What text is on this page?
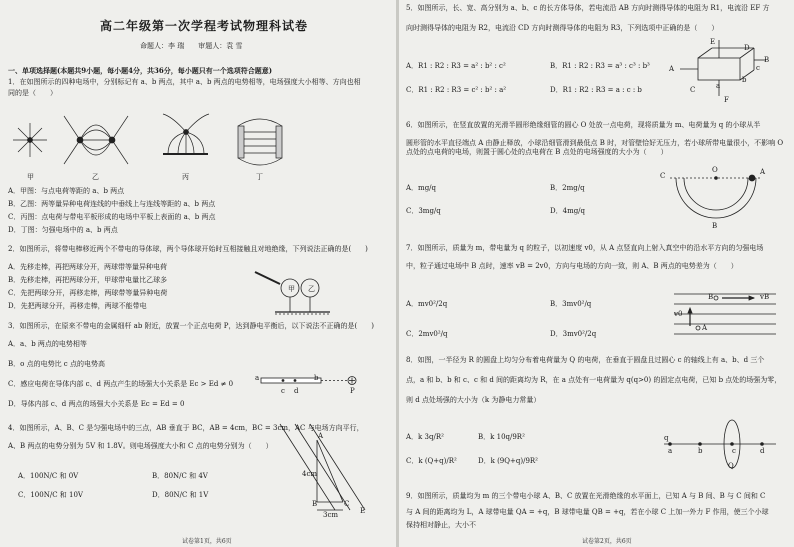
高二年级第一次学程考试物理科试卷
命题人：李 瑞　　审题人：袁 雪
一、单项选择题(本题共9小题，每小题4分，共36分，每小题只有一个选项符合题意)
1．在如图所示的四种电场中，分别标记有 a、b 两点，其中 a、b 两点的电势相等，电场强度大小相等、方向也相
同的是（　　）
甲	乙	丙	丁
A．甲图：与点电荷等距的 a、b 两点
B．乙图：两等量异种电荷连线的中垂线上与连线等距的 a、b 两点
C．丙图：点电荷与带电平板形成的电场中平板上表面的 a、b 两点
D．丁图：匀强电场中的 a、b 两点
2．如图所示，将带电棒移近两个不带电的导体球，两个导体球开始时互相接触且对地绝缘，下列说法正确的是(　　)
A．先移走棒，再把两球分开，两球带等量异种电荷
B．先移走棒，再把两球分开，甲球带电量比乙球多
C．先把两球分开，再移走棒，两球带等量异种电荷
D．先把两球分开，再移走棒，两球不能带电
甲 乙
3．如图所示，在原来不带电的金属细杆 ab 附近，放置一个正点电荷 P，达到静电平衡后，以下说法不正确的是(　　)
A．a、b 两点的电势相等
B．o 点的电势比 c 点的电势高
C．感应电荷在导体内部 c、d 两点产生的场强大小关系是 Ec > Ed ≠ 0
D．导体内部 c、d 两点的场强大小关系是 Ec = Ed = 0
a	b
c d	P
4．如图所示，A、B、C 是匀强电场中的三点，AB 垂直于 BC，AB = 4cm，BC = 3cm，AC 与电场方向平行，
A、B 两点的电势分别为 5V 和 1.8V。则电场强度大小和 C 点的电势分别为（　　）
A．100N/C 和 0V	B．80N/C 和 4V
C．100N/C 和 10V	D．80N/C 和 1V
A
B	C
E
4cm
3cm
试卷第1页，共6页
5．如图所示，长、宽、高分别为 a、b、c 的长方体导体，若电流沿 AB 方向时测得导体的电阻为 R1，电流沿 EF 方
向时测得导体的电阻为 R2，电流沿 CD 方向时测得导体的电阻为 R3，下列选项中正确的是（　　）
A．R1 : R2 : R3 = a² : b² : c²	B．R1 : R2 : R3 = a³ : c³ : b³
C．R1 : R2 : R3 = c² : b² : a²	D．R1 : R2 : R3 = a : c : b
A
B
C
D
E
F
a
b
c
6．如图所示，在竖直放置的光滑半圆形绝缘细管的圆心 O 处放一点电荷，现将质量为 m、电荷量为 q 的小球从半
圆形管的水平直径端点 A 由静止释放，小球沿细管滑到最低点 B 时，对管壁恰好无压力，若小球所带电量很小，不影响 O 点处的点电荷的电场，则置于圆心处的点电荷在 B 点处的电场强度的大小为（　　）
A．mg/q	B．2mg/q
C．3mg/q	D．4mg/q
C
O	A
B
7．如图所示，质量为 m，带电量为 q 的粒子，以初速度 v0，从 A 点竖直向上射入真空中的沿水平方向的匀强电场
中，粒子通过电场中 B 点时，速率 vB = 2v0，方向与电场的方向一致，则 A、B 两点的电势差为（　　）
A．mv0²/2q	B．3mv0²/q
C．2mv0²/q	D．3mv0²/2q
B	vB
v0
A
8．如图，一半径为 R 的圆盘上均匀分布着电荷量为 Q 的电荷，在垂直于圆盘且过圆心 c 的轴线上有 a、b、d 三个
点，a 和 b、b 和 c、c 和 d 间的距离均为 R，在 a 点处有一电荷量为 q(q>0) 的固定点电荷，已知 b 点处的场强为零，
则 d 点处场强的大小为（k 为静电力常量）
A．k 3q/R²	B．k 10q/9R²
C．k (Q+q)/R²	D．k (9Q+q)/9R²
q
a	b	c	d
Q
9．如图所示，质量均为 m 的三个带电小球 A、B、C 放置在光滑绝缘的水平面上，已知 A 与 B 间、B 与 C 间和 C
与 A 间的距离均为 L，A 球带电量 QA = +q，B 球带电量 QB = +q，若在小球 C 上加一外力 F 作用，使三个小球
保持相对静止，大小不
试卷第2页，共6页
